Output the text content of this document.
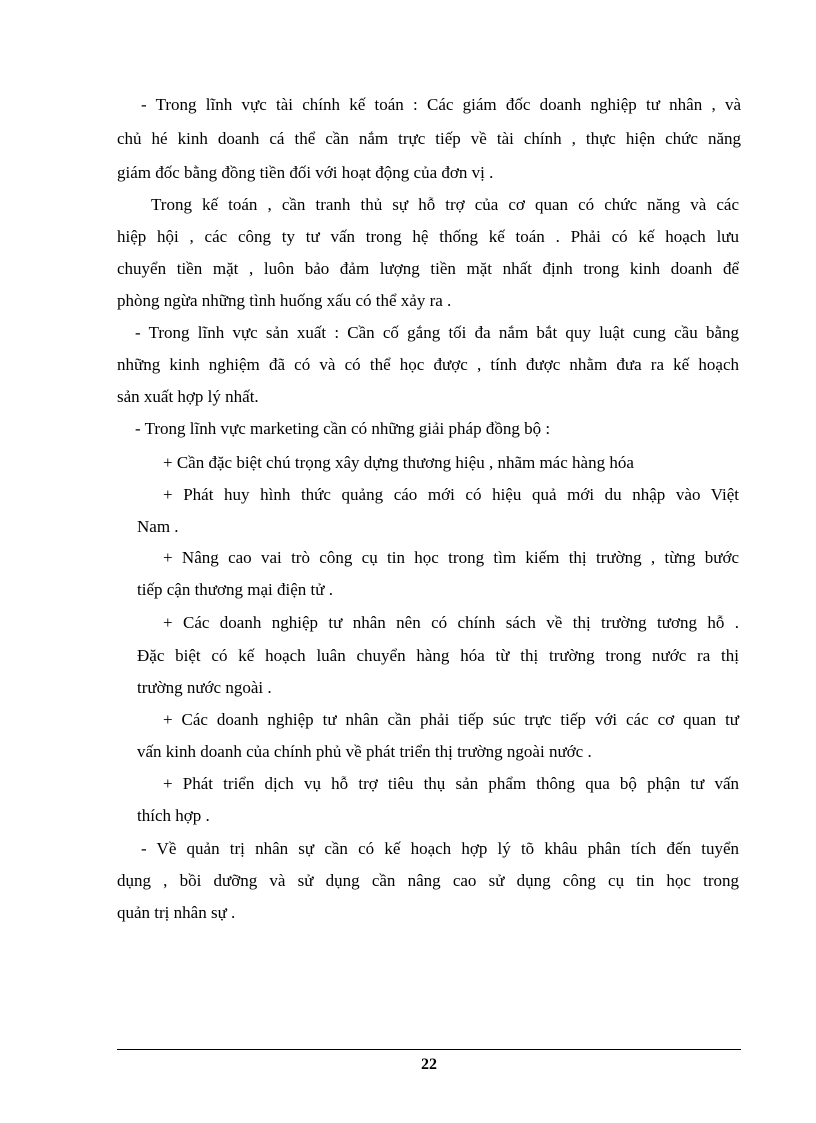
- Trong lĩnh vực tài chính kế toán : Các giám đốc doanh nghiệp tư nhân , và
chủ hé kinh doanh cá thể cần nắm trực tiếp về tài chính , thực hiện chức năng
giám đốc bằng đồng tiền đối với hoạt động của đơn vị .
Trong kế toán , cần tranh thủ sự hỗ trợ của cơ quan có chức năng và các
hiệp hội , các công ty tư vấn trong hệ thống kế toán . Phải có kế hoạch lưu
chuyển tiền mặt , luôn bảo đảm lượng tiền mặt nhất định trong kinh doanh để
phòng ngừa những tình huống xấu có thể xảy ra .
- Trong lĩnh vực sản xuất : Cần cố gắng tối đa nắm bắt quy luật cung cầu bằng
những kinh nghiệm đã có và có thể học được , tính được nhằm đưa ra kế hoạch
sản xuất hợp lý nhất.
- Trong lĩnh vực marketing cần có những giải pháp đồng bộ :
+ Cần đặc biệt chú trọng xây dựng thương hiệu , nhãm mác hàng hóa
+ Phát huy hình thức quảng cáo mới có hiệu quả mới du nhập vào Việt
Nam .
+ Nâng cao vai trò công cụ tin học trong tìm kiếm thị trường , từng bước
tiếp cận thương mại điện tử .
+ Các doanh nghiệp tư nhân nên có chính sách về thị trường tương hỗ .
Đặc biệt có kế hoạch luân chuyển hàng hóa từ thị trường trong nước ra thị
trường nước ngoài .
+ Các doanh nghiệp tư nhân cần phải tiếp súc trực tiếp với các cơ quan tư
vấn kinh doanh của chính phủ về phát triển thị trường ngoài nước .
+ Phát triển dịch vụ hỗ trợ tiêu thụ sản phẩm thông qua bộ phận tư vấn
thích hợp .
- Về quản trị nhân sự cần có kế hoạch hợp lý tõ khâu phân tích đến tuyển
dụng , bồi dưỡng và sử dụng cần nâng cao sử dụng công cụ tin học trong
quản trị nhân sự .
22
